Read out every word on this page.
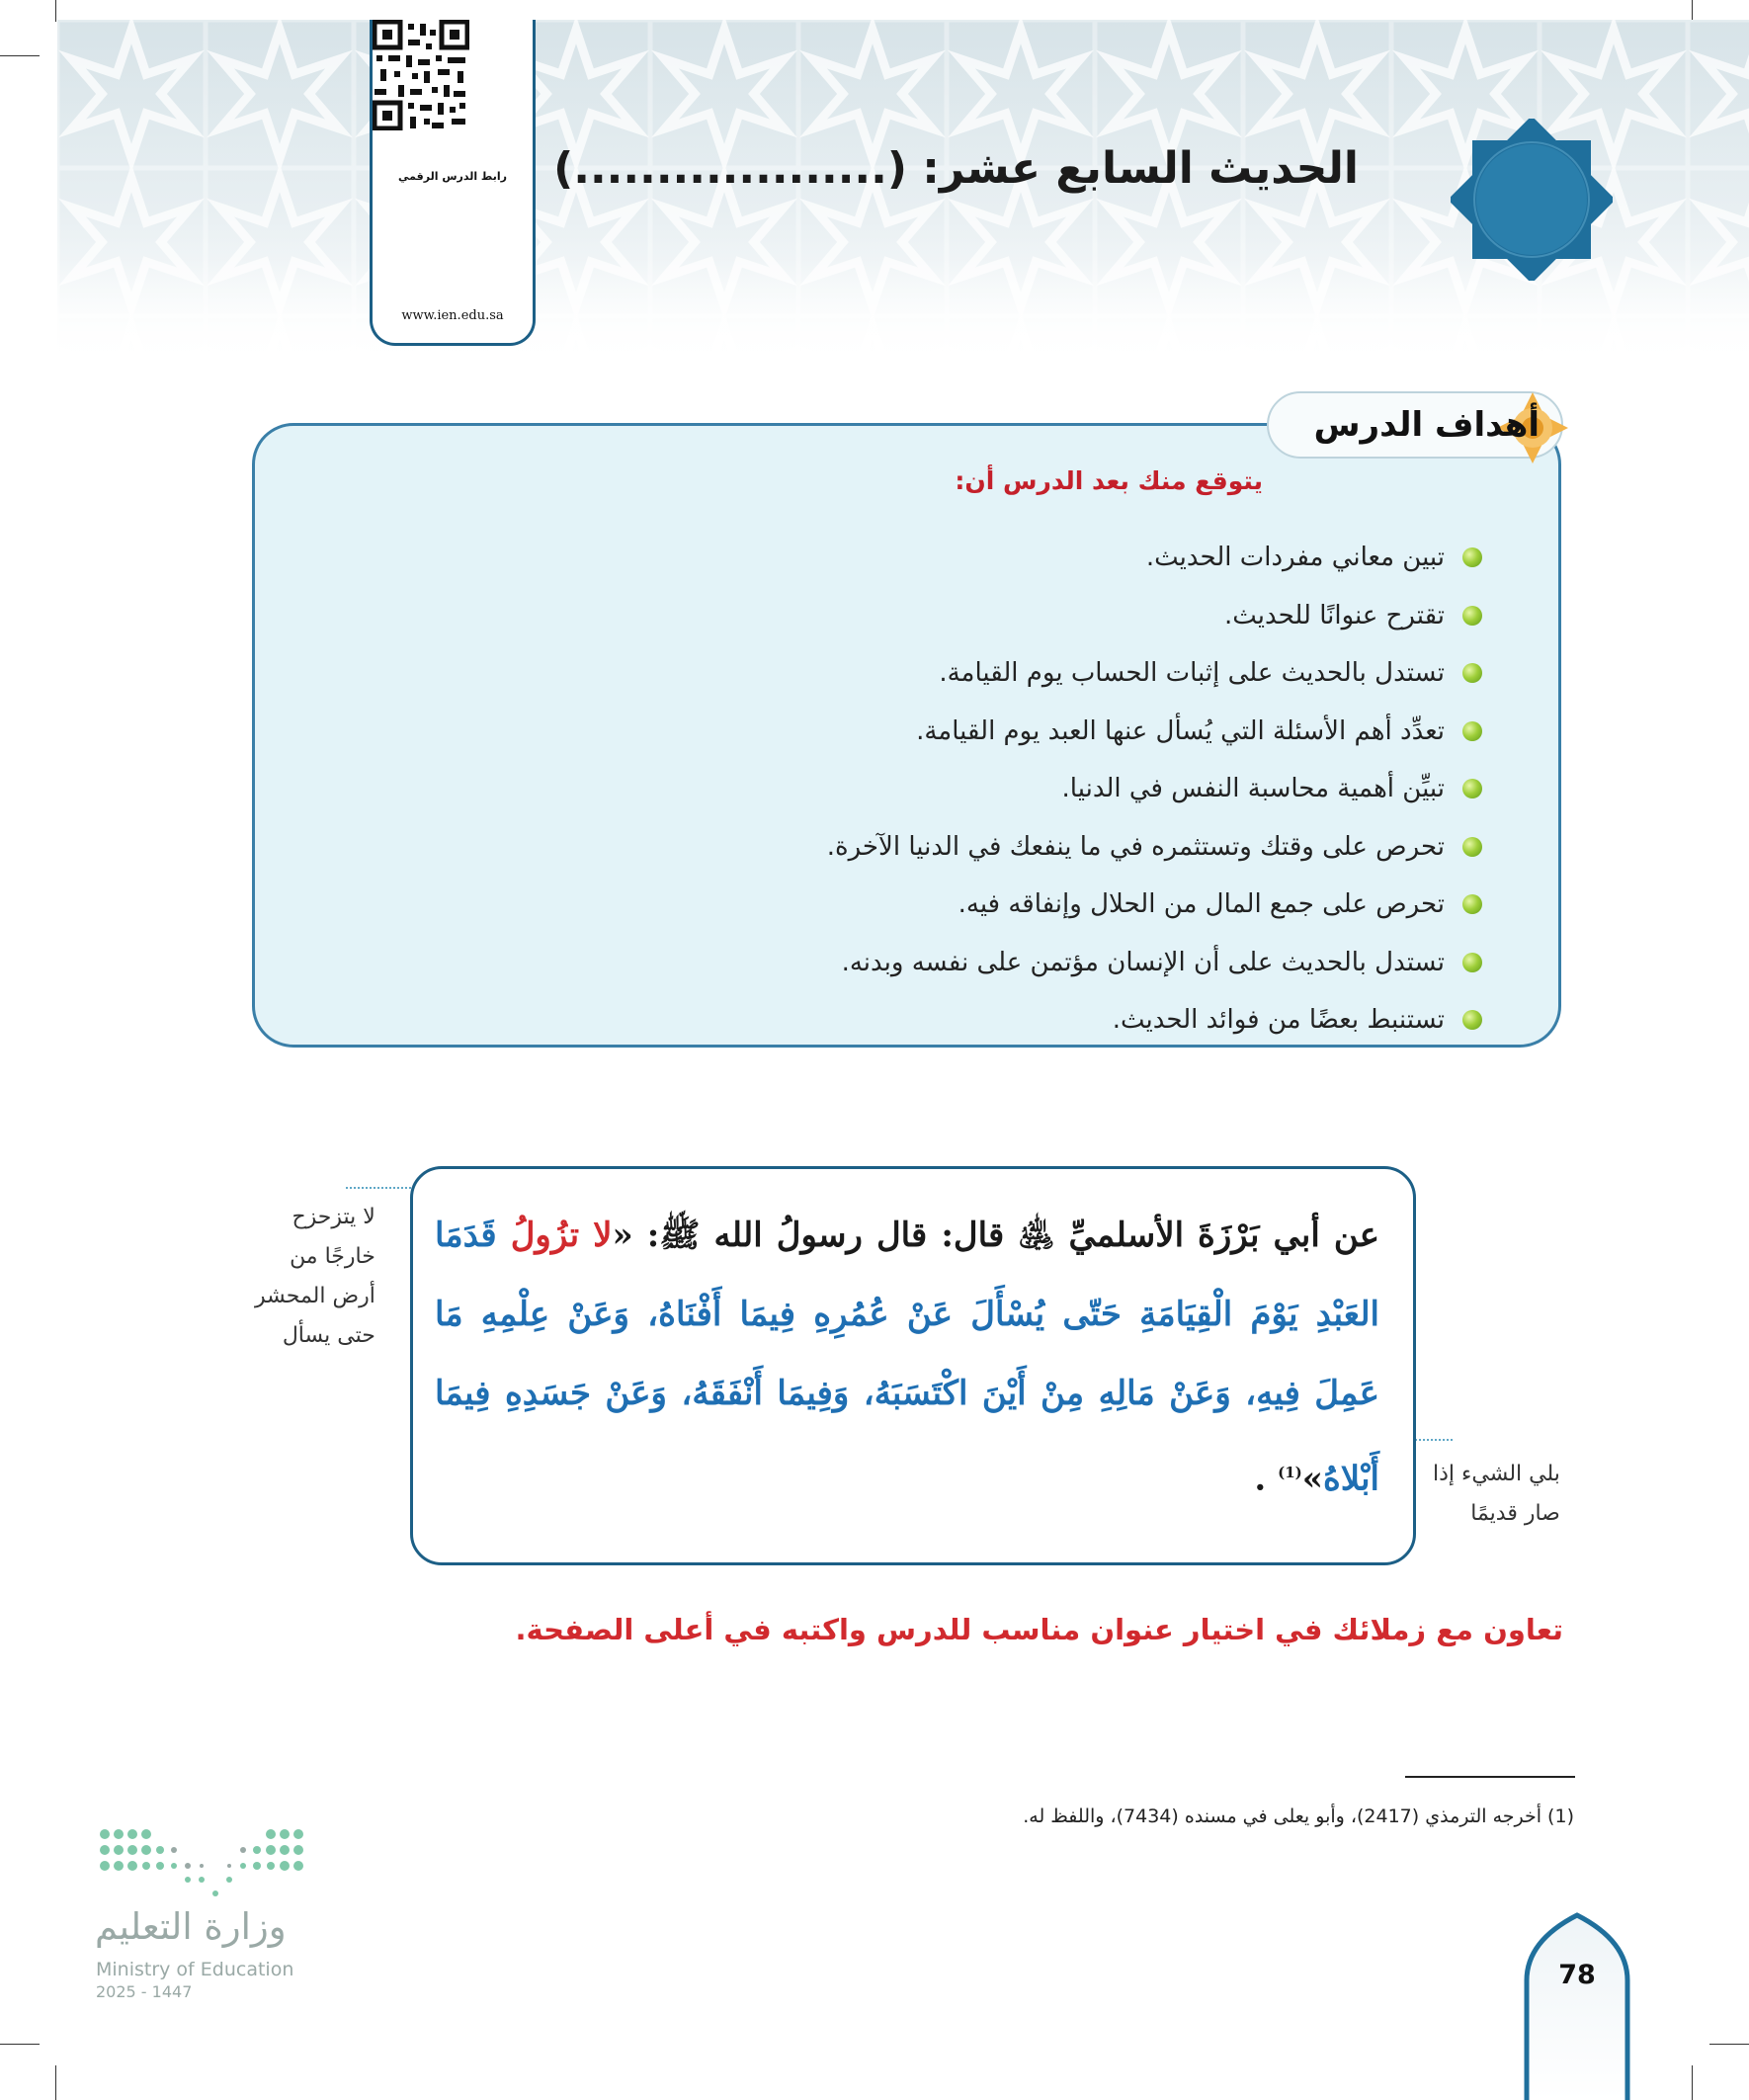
رابط الدرس الرقمي
www.ien.edu.sa
الحديث السابع عشر: (...................)
أهداف الدرس
يتوقع منك بعد الدرس أن:
تبين معاني مفردات الحديث.
تقترح عنوانًا للحديث.
تستدل بالحديث على إثبات الحساب يوم القيامة.
تعدِّد أهم الأسئلة التي يُسأل عنها العبد يوم القيامة.
تبيِّن أهمية محاسبة النفس في الدنيا.
تحرص على وقتك وتستثمره في ما ينفعك في الدنيا الآخرة.
تحرص على جمع المال من الحلال وإنفاقه فيه.
تستدل بالحديث على أن الإنسان مؤتمن على نفسه وبدنه.
تستنبط بعضًا من فوائد الحديث.

عن أبي بَرْزَةَ الأسلميِّ ﵁ قال: قال رسولُ الله ﷺ: «لا تزُولُ قَدَمَا العَبْدِ يَوْمَ الْقِيَامَةِ حَتّى يُسْأَلَ عَنْ عُمُرِهِ فِيمَا أَفْنَاهُ، وَعَنْ عِلْمِهِ مَا عَمِلَ فِيهِ، وَعَنْ مَالِهِ مِنْ أَيْنَ اكْتَسَبَهُ، وَفِيمَا أَنْفَقَهُ، وَعَنْ جَسَدِهِ فِيمَا أَبْلاهُ»$^{(1)}$ .

لا يتزحزح
خارجًا من
أرض المحشر
حتى يسأل
بلي الشيء إذا
صار قديمًا
تعاون مع زملائك في اختيار عنوان مناسب للدرس واكتبه في أعلى الصفحة.
(1) أخرجه الترمذي (2417)، وأبو يعلى في مسنده (7434)، واللفظ له.
وزارة التعليم
Ministry of Education
2025 - 1447
78
